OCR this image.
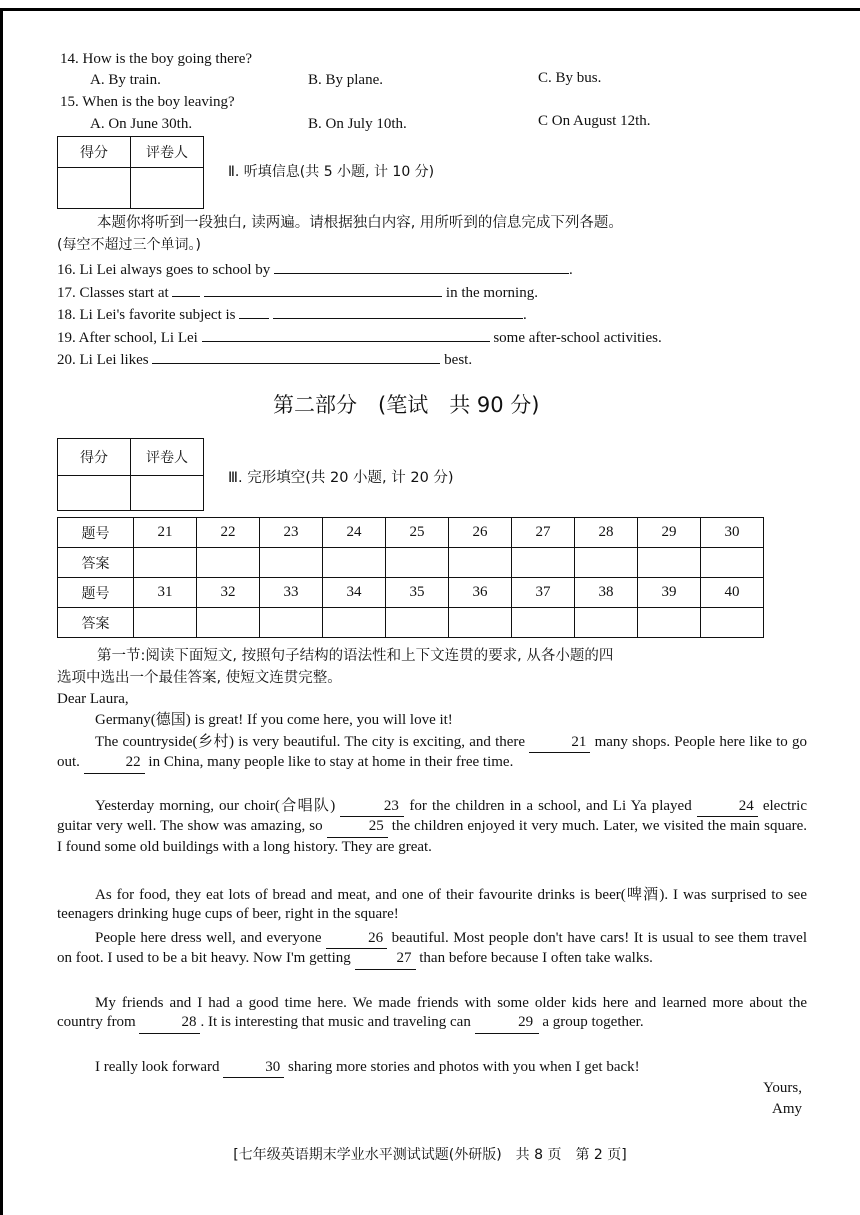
14. How is the boy going there?
A. By train.	B. By plane.	C. By bus.
15. When is the boy leaving?
A. On June 30th.	B. On July 10th.	C On August 12th.
得分	评卷人

Ⅱ. 听填信息(共 5 小题, 计 10 分)
本题你将听到一段独白, 读两遍。请根据独白内容, 用所听到的信息完成下列各题。
(每空不超过三个单词。)
16. Li Lei always goes to school by	.
17. Classes start at	in the morning.
18. Li Lei's favorite subject is	.
19. After school, Li Lei	some after-school activities.
20. Li Lei likes	best.
第二部分　(笔试　共 90 分)
得分	评卷人

Ⅲ. 完形填空(共 20 小题, 计 20 分)
题号	21	22	23	24	25	26	27	28	29	30
答案										
题号	31	32	33	34	35	36	37	38	39	40
答案										
第一节:阅读下面短文, 按照句子结构的语法性和上下文连贯的要求, 从各小题的四
选项中选出一个最佳答案, 使短文连贯完整。
Dear Laura,
Germany(德国) is great! If you come here, you will love it!
The countryside(乡村) is very beautiful. The city is exciting, and there	21 many shops. People here like to go out.	22 in China, many people like to stay at home in their free time.
Yesterday morning, our choir(合唱队)	23 for the children in a school, and Li Ya played	24 electric guitar very well. The show was amazing, so	25 the children enjoyed it very much. Later, we visited the main square. I found some old buildings with a long history. They are great.
As for food, they eat lots of bread and meat, and one of their favourite drinks is beer(啤酒). I was surprised to see teenagers drinking huge cups of beer, right in the square!
People here dress well, and everyone	26 beautiful. Most people don't have cars! It is usual to see them travel on foot. I used to be a bit heavy. Now I'm getting	27 than before because I often take walks.
My friends and I had a good time here. We made friends with some older kids here and learned more about the country from	28 . It is interesting that music and traveling can	29 a group together.
I really look forward	30 sharing more stories and photos with you when I get back!
Yours,
Amy
[七年级英语期末学业水平测试试题(外研版)　共 8 页　第 2 页]
